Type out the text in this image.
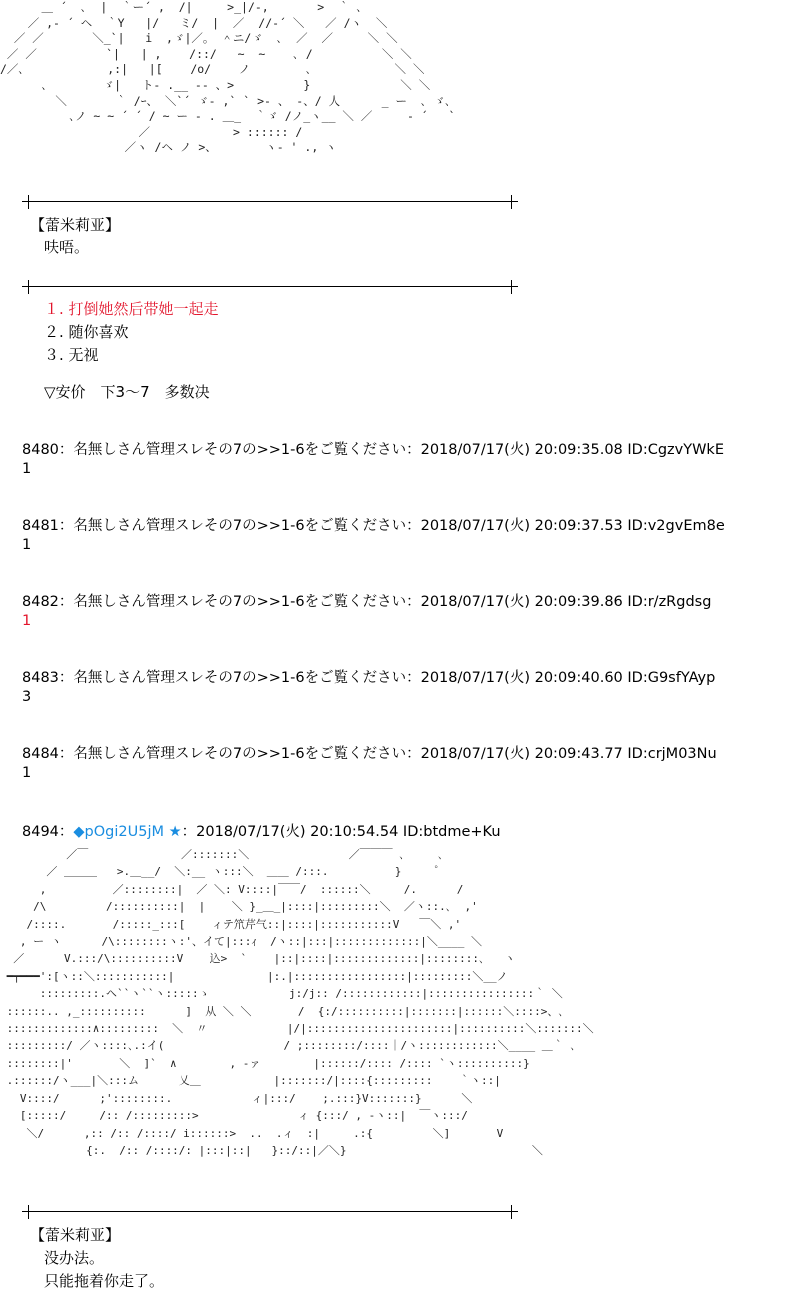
＿ ´  ､  |  ｀ー´ ,  /|     >_|/-,       >  ｀ ､
／ ,- ´ ヘ  ｀Y   |/   ミ/  |  ／  //-´ ＼   ／ /ヽ  ＼
／ ／       ＼_`|   i  ,ゞ|／。 ＾ニ/ゞ  ､  ／  ／     ＼ ＼
／ ／          `|   | ,    /::/   ~  ~    ､ /          ＼ ＼
/／､            ,:|   |[    /o/    ノ        ､            ＼ ＼
､        ゞ|   ト- .__ -‐ 、>          }             ＼ ＼
＼       ｀ /ｰ、 ＼`´ ゞ- ,` ` >- 、 -、/ 人      _ ー  ､ ゞ､
､ノ ~ ~ ´ ´ / ~ ー ‐ . ＿_  ｀ゞ /ノ_ヽ__ ＼ ／     ‐ ´   `
／            > :::::: /
／ヽ /ヘ ノ >、       ヽ‐ ' ., ヽ
【蕾米莉亚】
呋唔。
１. 打倒她然后带她一起走
２. 随你喜欢
３. 无视
▽安价　下3～7　多数决
8480：名無しさん管理スレその7の>>1-6をご覧ください：2018/07/17(火) 20:09:35.08 ID:CgzvYWkE
1
8481：名無しさん管理スレその7の>>1-6をご覧ください：2018/07/17(火) 20:09:37.53 ID:v2gvEm8e
1
8482：名無しさん管理スレその7の>>1-6をご覧ください：2018/07/17(火) 20:09:39.86 ID:r/zRgdsg
1
8483：名無しさん管理スレその7の>>1-6をご覧ください：2018/07/17(火) 20:09:40.60 ID:G9sfYAyp
3
8484：名無しさん管理スレその7の>>1-6をご覧ください：2018/07/17(火) 20:09:43.77 ID:crjM03Nu
1
8494：◆pOgi2U5jM ★：2018/07/17(火) 20:10:54.54 ID:btdme+Ku
／￣              ／:::::::＼               ／￣￣￣ ､     ､
／ ＿＿＿   >.＿__/  ＼:__ ヽ:::＼  ＿＿ /:::.          }      ゚
,          ／::::::::|  ／ ＼: V::::|￣￣/  ::::::＼     /.      /
/\         /::::::::::|  |    ＼ }_＿_|::::|:::::::::＼  ／ヽ::.､  ,'
/::::.       /:::::_:::[    ィテ笊芹气::|::::|:::::::::::V   ￣＼ ,'
, ー ヽ      /\::::::::ヽ:'、イて|:::ｨ  /ヽ::|:::|:::::::::::::|＼____ ＼
／      V.:::/\::::::::::V    込>  `    |::|::::|:::::::::::::|::::::::､   ヽ
━┯━━━':[ヽ::＼:::::::::::|              |:.|:::::::::::::::::|:::::::::＼__ノ
:::::::::.ヘ``ヽ``ヽ:::::ゝ            j:/j:: /::::::::::::|::::::::::::::::｀ ＼
::::::.. ,_::::::::::      ]  从 ＼ ＼       /  {:/::::::::::|:::::::|::::::＼::::>、､
:::::::::::::∧:::::::::  ＼  〃            |/|::::::::::::::::::::::|::::::::::＼:::::::＼
:::::::::/ ／ヽ::::､.:イ(                  / ;::::::::/::::｜/ヽ::::::::::::＼____ ＿｀ ､
::::::::|'       ＼  ]`  ∧        , ‐ァ        |::::::/:::: /:::: `ヽ::::::::::}
.::::::/ヽ___|＼:::ム      乂＿           |:::::::/|::::{:::::::::    ｀ヽ::|
V::::/      ;'::::::::.            ィ|:::/    ;.:::}V:::::::}      ＼
[:::::/     /:: /:::::::::>               ィ {:::/ , ‐ヽ::|  ￣ヽ:::/
＼/      ,:: /:: /::::/ i::::::>  ..  .ィ  :|     .:{         ＼]       V
{:.  /:: /::::/: |:::|::|   }::/::|／＼}                            ＼
【蕾米莉亚】
没办法。
只能拖着你走了。
